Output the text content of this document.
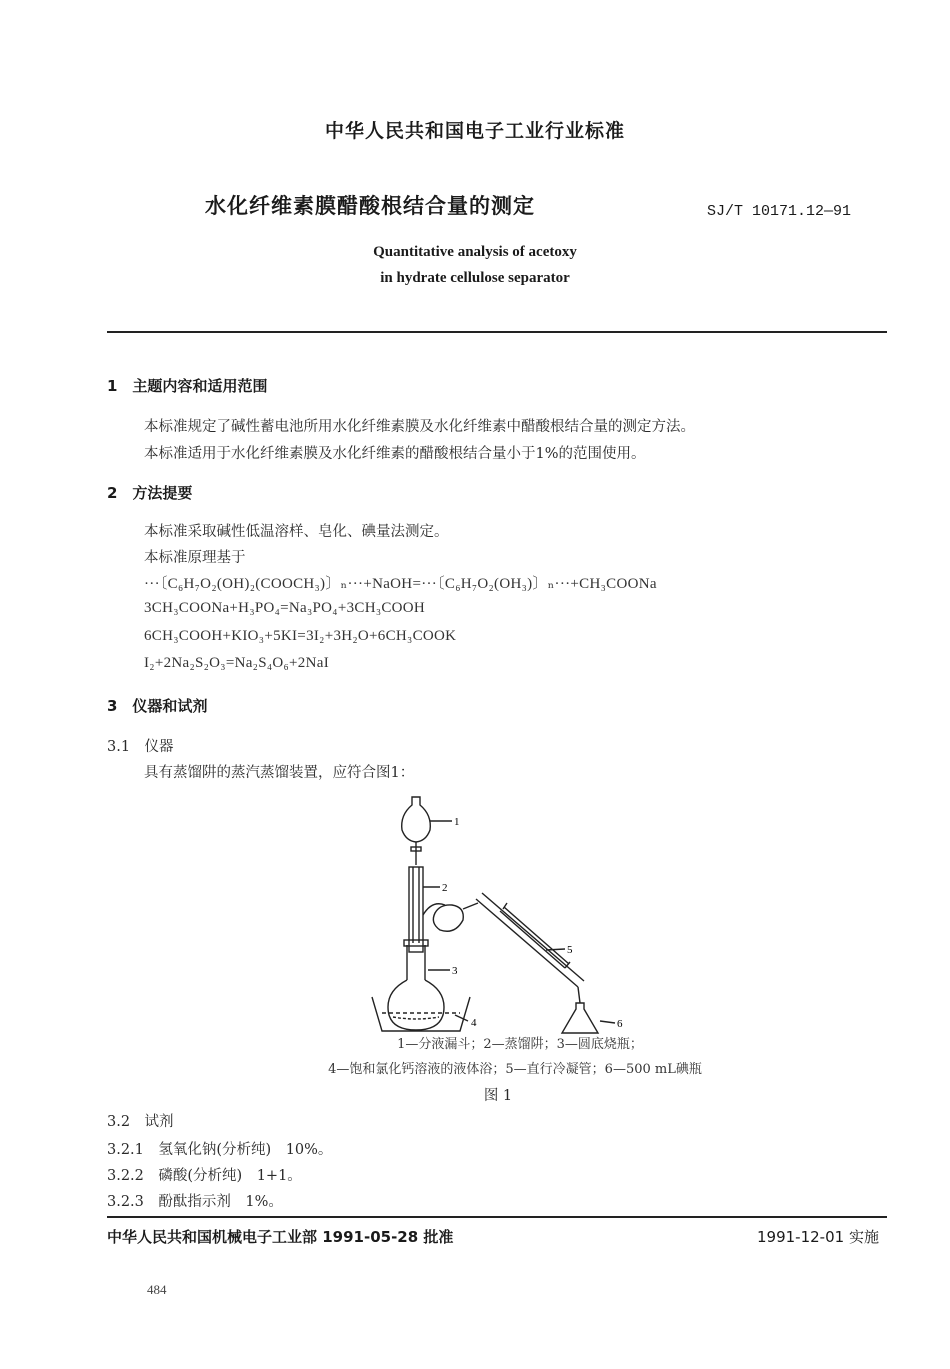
中华人民共和国电子工业行业标准
水化纤维素膜醋酸根结合量的测定	SJ/T 10171.12—91
Quantitative analysis of acetoxy
in hydrate cellulose separator
1　主题内容和适用范围
本标准规定了碱性蓄电池所用水化纤维素膜及水化纤维素中醋酸根结合量的测定方法。
本标准适用于水化纤维素膜及水化纤维素的醋酸根结合量小于1%的范围使用。
2　方法提要
本标准采取碱性低温溶样、皂化、碘量法测定。
本标准原理基于
···〔C₆H₇O₂(OH)₂(COOCH₃)〕ₙ···+NaOH=···〔C₆H₇O₂(OH₃)〕ₙ···+CH₃COONa
3CH₃COONa+H₃PO₄=Na₃PO₄+3CH₃COOH
6CH₃COOH+KIO₃+5KI=3I₂+3H₂O+6CH₃COOK
I₂+2Na₂S₂O₃=Na₂S₄O₆+2NaI
3　仪器和试剂
3.1　仪器
具有蒸馏阱的蒸汽蒸馏装置，应符合图1：
1
2
3
4
5
6
1—分液漏斗；2—蒸馏阱；3—圆底烧瓶；
4—饱和氯化钙溶液的液体浴；5—直行冷凝管；6—500 mL碘瓶
图 1
3.2　试剂
3.2.1　氢氧化钠(分析纯)　10%。
3.2.2　磷酸(分析纯)　1+1。
3.2.3　酚酞指示剂　1%。
中华人民共和国机械电子工业部 1991-05-28 批准	1991-12-01 实施
484
